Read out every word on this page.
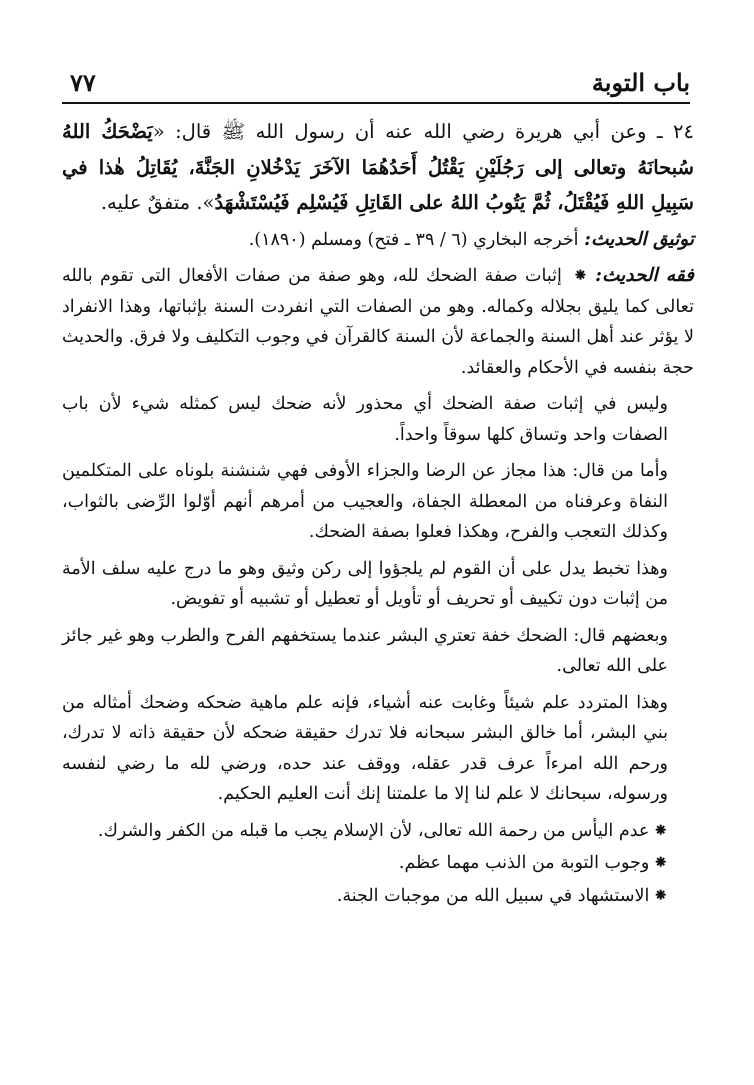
باب التوبة
٧٧

٢٤ ـ وعن أبي هريرة رضي الله عنه أن رسول الله ﷺ قال: «يَضْحَكُ اللهُ سُبحانَهُ وتعالى إلى رَجُلَيْنِ يَقْتُلُ أَحَدُهُمَا الآخَرَ يَدْخُلانِ الجَنَّةَ، يُقَاتِلُ هٰذا في سَبِيلِ اللهِ فَيُقْتَلُ، ثُمَّ يَتُوبُ اللهُ على القَاتِلِ فَيُسْلِم فَيُسْتَشْهَدُ». متفقٌ عليه.

توثيق الحديث: أخرجه البخاري (٦ / ٣٩ ـ فتح) ومسلم (١٨٩٠).

فقه الحديث: ⁕ إثبات صفة الضحك لله، وهو صفة من صفات الأفعال التى تقوم بالله تعالى كما يليق بجلاله وكماله. وهو من الصفات التي انفردت السنة بإثباتها، وهذا الانفراد لا يؤثر عند أهل السنة والجماعة لأن السنة كالقرآن في وجوب التكليف ولا فرق. والحديث حجة بنفسه في الأحكام والعقائد.

وليس في إثبات صفة الضحك أي محذور لأنه ضحك ليس كمثله شيء لأن باب الصفات واحد وتساق كلها سوقاً واحداً.

وأما من قال: هذا مجاز عن الرضا والجزاء الأوفى فهي شنشنة بلوناه على المتكلمين النفاة وعرفناه من المعطلة الجفاة، والعجيب من أمرهم أنهم أوّلوا الرِّضى بالثواب، وكذلك التعجب والفرح، وهكذا فعلوا بصفة الضحك.

وهذا تخبط يدل على أن القوم لم يلجؤوا إلى ركن وثيق وهو ما درج عليه سلف الأمة من إثبات دون تكييف أو تحريف أو تأويل أو تعطيل أو تشبيه أو تفويض.

وبعضهم قال: الضحك خفة تعتري البشر عندما يستخفهم الفرح والطرب وهو غير جائز على الله تعالى.

وهذا المتردد علم شيئاً وغابت عنه أشياء، فإنه علم ماهية ضحكه وضحك أمثاله من بني البشر، أما خالق البشر سبحانه فلا تدرك حقيقة ضحكه لأن حقيقة ذاته لا تدرك، ورحم الله امرءاً عرف قدر عقله، ووقف عند حده، ورضي لله ما رضي لنفسه ورسوله، سبحانك لا علم لنا إلا ما علمتنا إنك أنت العليم الحكيم.

⁕عدم اليأس من رحمة الله تعالى، لأن الإسلام يجب ما قبله من الكفر والشرك.
⁕وجوب التوبة من الذنب مهما عظم.
⁕الاستشهاد في سبيل الله من موجبات الجنة.
